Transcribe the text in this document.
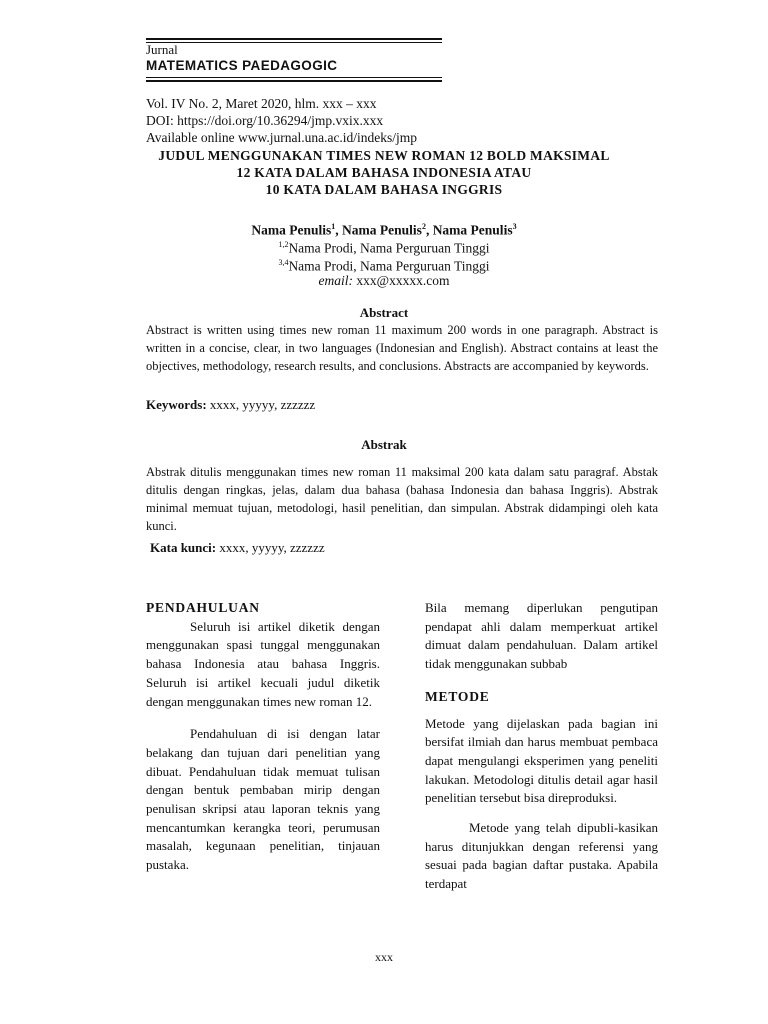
Jurnal
MATEMATICS PAEDAGOGIC
Vol. IV No. 2, Maret 2020, hlm. xxx – xxx
DOI: https://doi.org/10.36294/jmp.vxix.xxx
Available online www.jurnal.una.ac.id/indeks/jmp
JUDUL MENGGUNAKAN TIMES NEW ROMAN 12 BOLD MAKSIMAL
12 KATA DALAM BAHASA INDONESIA ATAU
10 KATA DALAM BAHASA INGGRIS
Nama Penulis$^1$, Nama Penulis$^2$, Nama Penulis$^3$
$^{1,2}$Nama Prodi, Nama Perguruan Tinggi
$^{3,4}$Nama Prodi, Nama Perguruan Tinggi
email: xxx@xxxxx.com
Abstract
Abstract is written using times new roman 11 maximum 200 words in one paragraph. Abstract is written in a concise, clear, in two languages (Indonesian and English). Abstract contains at least the objectives, methodology, research results, and conclusions. Abstracts are accompanied by keywords.
Keywords: xxxx, yyyyy, zzzzzz
Abstrak
Abstrak ditulis menggunakan times new roman 11 maksimal 200 kata dalam satu paragraf. Abstak ditulis dengan ringkas, jelas, dalam dua bahasa (bahasa Indonesia dan bahasa Inggris). Abstrak minimal memuat tujuan, metodologi, hasil penelitian, dan simpulan. Abstrak didampingi oleh kata kunci.
Kata kunci: xxxx, yyyyy, zzzzzz
PENDAHULUAN
Seluruh isi artikel diketik dengan menggunakan spasi tunggal menggunakan bahasa Indonesia atau bahasa Inggris. Seluruh isi artikel kecuali judul diketik dengan menggunakan times new roman 12.
Pendahuluan di isi dengan latar belakang dan tujuan dari penelitian yang dibuat. Pendahuluan tidak memuat tulisan dengan bentuk pembaban mirip dengan penulisan skripsi atau laporan teknis yang mencantumkan kerangka teori, perumusan masalah, kegunaan penelitian, tinjauan pustaka.
Bila memang diperlukan pengutipan pendapat ahli dalam memperkuat artikel dimuat dalam pendahuluan. Dalam artikel tidak menggunakan subbab
METODE
Metode yang dijelaskan pada bagian ini bersifat ilmiah dan harus membuat pembaca dapat mengulangi eksperimen yang peneliti lakukan. Metodologi ditulis detail agar hasil penelitian tersebut bisa direproduksi.
Metode yang telah dipubli-kasikan harus ditunjukkan dengan referensi yang sesuai pada bagian daftar pustaka. Apabila terdapat
xxx
